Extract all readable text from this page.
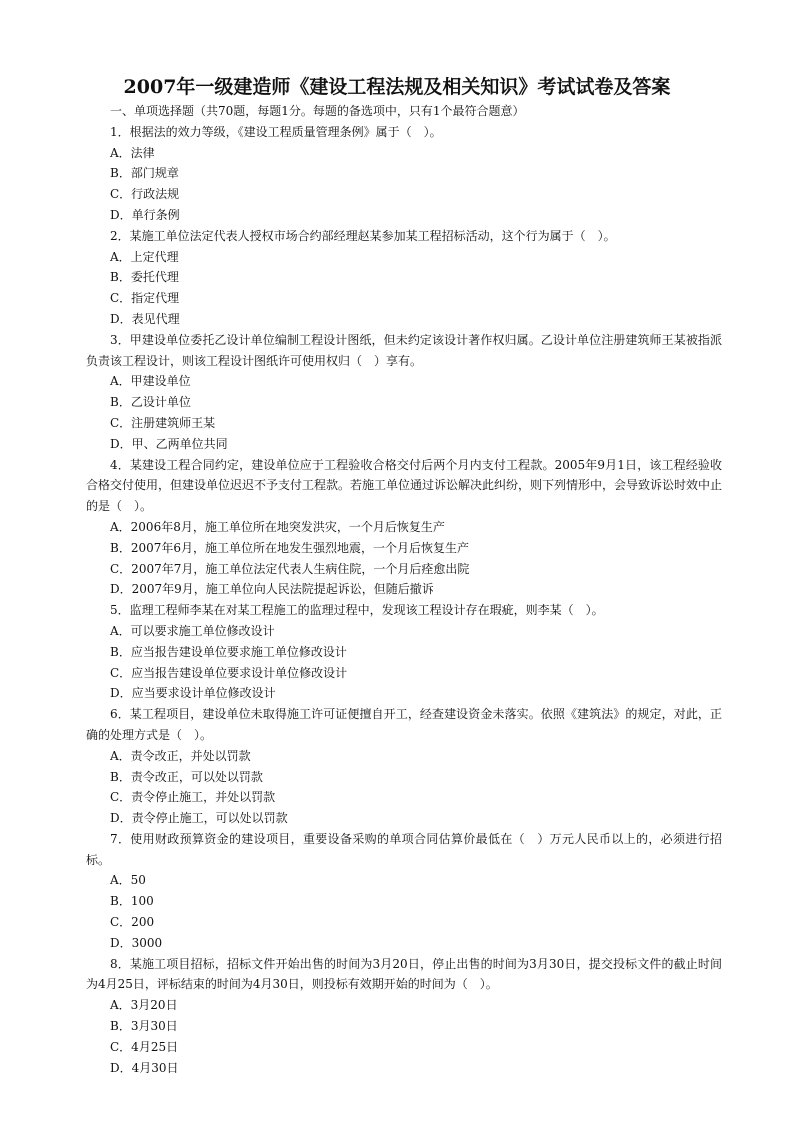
2007年一级建造师《建设工程法规及相关知识》考试试卷及答案
一、单项选择题（共70题，每题1分。每题的备选项中，只有1个最符合题意）
1．根据法的效力等级，《建设工程质量管理条例》属于（　）。
A．法律
B．部门规章
C．行政法规
D．单行条例
2．某施工单位法定代表人授权市场合约部经理赵某参加某工程招标活动，这个行为属于（　）。
A．上定代理
B．委托代理
C．指定代理
D．表见代理
3．甲建设单位委托乙设计单位编制工程设计图纸，但未约定该设计著作权归属。乙设计单位注册建筑师王某被指派负责该工程设计，则该工程设计图纸许可使用权归（　）享有。
A．甲建设单位
B．乙设计单位
C．注册建筑师王某
D．甲、乙两单位共同
4．某建设工程合同约定，建设单位应于工程验收合格交付后两个月内支付工程款。2005年9月1日，该工程经验收合格交付使用，但建设单位迟迟不予支付工程款。若施工单位通过诉讼解决此纠纷，则下列情形中，会导致诉讼时效中止的是（　）。
A．2006年8月，施工单位所在地突发洪灾，一个月后恢复生产
B．2007年6月，施工单位所在地发生强烈地震，一个月后恢复生产
C．2007年7月，施工单位法定代表人生病住院，一个月后痊愈出院
D．2007年9月，施工单位向人民法院提起诉讼，但随后撤诉
5．监理工程师李某在对某工程施工的监理过程中，发现该工程设计存在瑕疵，则李某（　）。
A．可以要求施工单位修改设计
B．应当报告建设单位要求施工单位修改设计
C．应当报告建设单位要求设计单位修改设计
D．应当要求设计单位修改设计
6．某工程项目，建设单位未取得施工许可证便擅自开工，经查建设资金未落实。依照《建筑法》的规定，对此，正确的处理方式是（　）。
A．责令改正，并处以罚款
B．责令改正，可以处以罚款
C．责令停止施工，并处以罚款
D．责令停止施工，可以处以罚款
7．使用财政预算资金的建设项目，重要设备采购的单项合同估算价最低在（　）万元人民币以上的，必须进行招标。
A．50
B．100
C．200
D．3000
8．某施工项目招标，招标文件开始出售的时间为3月20日，停止出售的时间为3月30日，提交投标文件的截止时间为4月25日，评标结束的时间为4月30日，则投标有效期开始的时间为（　）。
A．3月20日
B．3月30日
C．4月25日
D．4月30日
